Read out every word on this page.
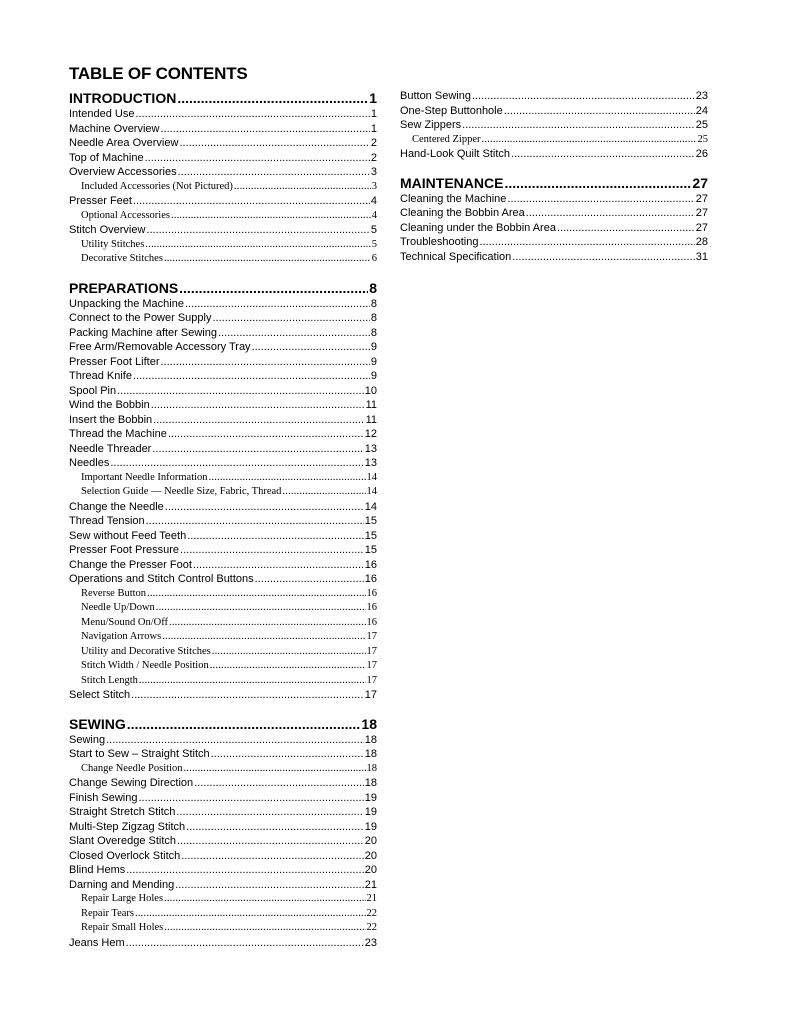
TABLE OF CONTENTS
INTRODUCTION .....	1
Intended Use .....	1
Machine Overview .....	1
Needle Area Overview .....	2
Top of Machine .....	2
Overview Accessories .....	3
Included Accessories (Not Pictured) .....	3
Presser Feet .....	4
Optional Accessories .....	4
Stitch Overview .....	5
Utility Stitches .....	5
Decorative Stitches .....	6
PREPARATIONS .....	8
Unpacking the Machine .....	8
Connect to the Power Supply .....	8
Packing Machine after Sewing .....	8
Free Arm/Removable Accessory Tray .....	9
Presser Foot Lifter .....	9
Thread Knife .....	9
Spool Pin .....	10
Wind the Bobbin .....	11
Insert the Bobbin .....	11
Thread the Machine .....	12
Needle Threader .....	13
Needles .....	13
Important Needle Information .....	14
Selection Guide — Needle Size, Fabric, Thread .....	14
Change the Needle .....	14
Thread Tension .....	15
Sew without Feed Teeth .....	15
Presser Foot Pressure .....	15
Change the Presser Foot .....	16
Operations and Stitch Control Buttons .....	16
Reverse Button .....	16
Needle Up/Down .....	16
Menu/Sound On/Off .....	16
Navigation Arrows .....	17
Utility and Decorative Stitches .....	17
Stitch Width / Needle Position .....	17
Stitch Length .....	17
Select Stitch .....	17
SEWING .....	18
Sewing .....	18
Start to Sew – Straight Stitch .....	18
Change Needle Position .....	18
Change Sewing Direction .....	18
Finish Sewing .....	19
Straight Stretch Stitch .....	19
Multi-Step Zigzag Stitch .....	19
Slant Overedge Stitch .....	20
Closed Overlock Stitch .....	20
Blind Hems .....	20
Darning and Mending .....	21
Repair Large Holes .....	21
Repair Tears .....	22
Repair Small Holes .....	22
Jeans Hem .....	23
Button Sewing .....	23
One-Step Buttonhole .....	24
Sew Zippers .....	25
Centered Zipper .....	25
Hand-Look Quilt Stitch .....	26
MAINTENANCE .....	27
Cleaning the Machine .....	27
Cleaning the Bobbin Area .....	27
Cleaning under the Bobbin Area .....	27
Troubleshooting .....	28
Technical Specification .....	31
